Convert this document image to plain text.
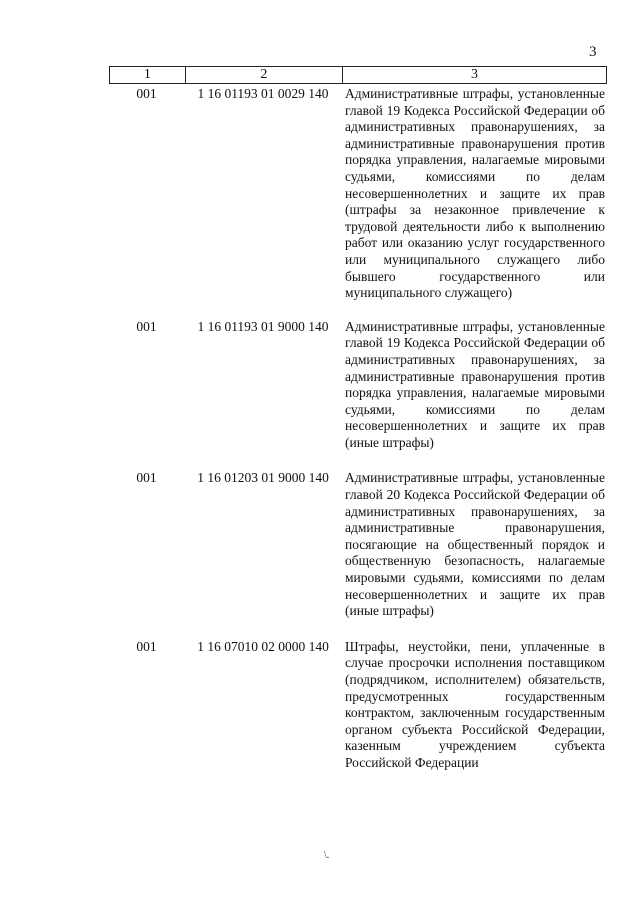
3
1	2	3
001	1 16 01193 01 0029 140	Административные штрафы, установленные главой 19 Кодекса Российской Федерации об административных правонарушениях, за административные правонарушения против порядка управления, налагаемые мировыми судьями, комиссиями по делам несовершеннолетних и защите их прав (штрафы за незаконное привлечение к трудовой деятельности либо к выполнению работ или оказанию услуг государственного или муниципального служащего либо бывшего государственного или муниципального служащего)
001	1 16 01193 01 9000 140	Административные штрафы, установленные главой 19 Кодекса Российской Федерации об административных правонарушениях, за административные правонарушения против порядка управления, налагаемые мировыми судьями, комиссиями по делам несовершеннолетних и защите их прав (иные штрафы)
001	1 16 01203 01 9000 140	Административные штрафы, установленные главой 20 Кодекса Российской Федерации об административных правонарушениях, за административные правонарушения, посягающие на общественный порядок и общественную безопасность, налагаемые мировыми судьями, комиссиями по делам несовершеннолетних и защите их прав (иные штрафы)
001	1 16 07010 02 0000 140	Штрафы, неустойки, пени, уплаченные в случае просрочки исполнения поставщиком (подрядчиком, исполнителем) обязательств, предусмотренных государственным контрактом, заключенным государственным органом субъекта Российской Федерации, казенным учреждением субъекта Российской Федерации
\.
